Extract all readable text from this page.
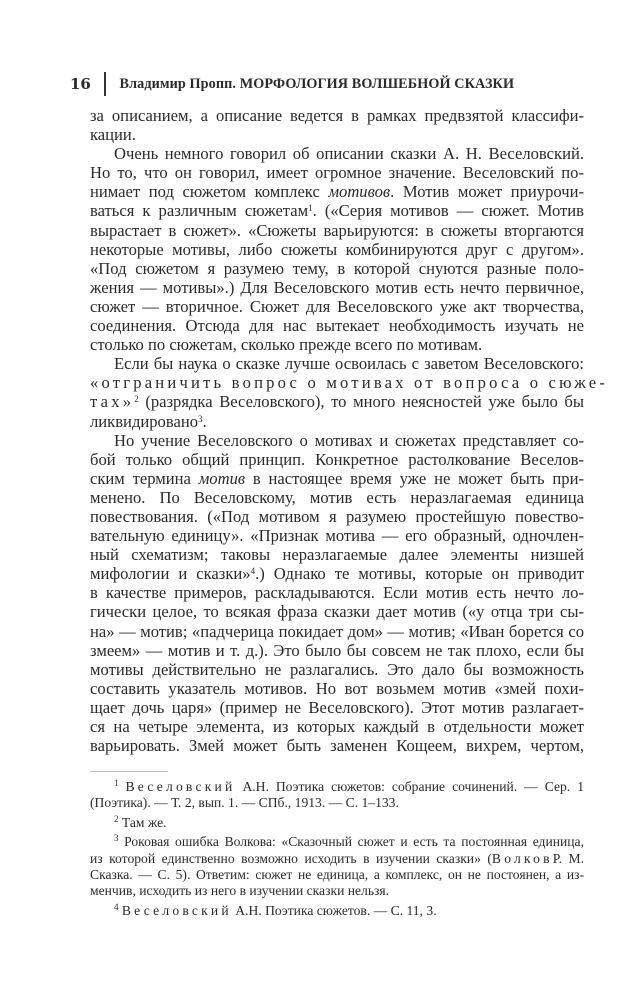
16	Владимир Пропп. МОРФОЛОГИЯ ВОЛШЕБНОЙ СКАЗКИ
за описанием, а описание ведется в рамках предвзятой классифи-
кации.
Очень немного говорил об описании сказки А. Н. Веселовский.
Но то, что он говорил, имеет огромное значение. Веселовский по-
нимает под сюжетом комплекс мотивов. Мотив может приурочи-
ваться к различным сюжетам$^1$. («Серия мотивов — сюжет. Мотив
вырастает в сюжет». «Сюжеты варьируются: в сюжеты вторгаются
некоторые мотивы, либо сюжеты комбинируются друг с другом».
«Под сюжетом я разумею тему, в которой снуются разные поло-
жения — мотивы».) Для Веселовского мотив есть нечто первичное,
сюжет — вторичное. Сюжет для Веселовского уже акт творчества,
соединения. Отсюда для нас вытекает необходимость изучать не
столько по сюжетам, сколько прежде всего по мотивам.
Если бы наука о сказке лучше освоилась с заветом Веселовского:
«отграничить вопрос о мотивах от вопроса о сюже-
тах»$^2$ (разрядка Веселовского), то много неясностей уже было бы
ликвидировано$^3$.
Но учение Веселовского о мотивах и сюжетах представляет со-
бой только общий принцип. Конкретное растолкование Веселов-
ским термина мотив в настоящее время уже не может быть при-
менено. По Веселовскому, мотив есть неразлагаемая единица
повествования. («Под мотивом я разумею простейшую повество-
вательную единицу». «Признак мотива — его образный, одночлен-
ный схематизм; таковы неразлагаемые далее элементы низшей
мифологии и сказки»$^4$.) Однако те мотивы, которые он приводит
в качестве примеров, раскладываются. Если мотив есть нечто ло-
гически целое, то всякая фраза сказки дает мотив («у отца три сы-
на» — мотив; «падчерица покидает дом» — мотив; «Иван борется со
змеем» — мотив и т. д.). Это было бы совсем не так плохо, если бы
мотивы действительно не разлагались. Это дало бы возможность
составить указатель мотивов. Но вот возьмем мотив «змей похи-
щает дочь царя» (пример не Веселовского). Этот мотив разлагает-
ся на четыре элемента, из которых каждый в отдельности может
варьировать. Змей может быть заменен Кощеем, вихрем, чертом,
$^1$ Веселовский А.Н. Поэтика сюжетов: собрание сочинений. — Сер. 1
(Поэтика). — Т. 2, вып. 1. — СПб., 1913. — С. 1–133.
$^2$ Там же.
$^3$ Роковая ошибка Волкова: «Сказочный сюжет и есть та постоянная единица,
из которой единственно возможно исходить в изучении сказки» (ВолковР. М.
Сказка. — С. 5). Ответим: сюжет не единица, а комплекс, он не постоянен, а из-
менчив, исходить из него в изучении сказки нельзя.
$^4$ Веселовский А.Н. Поэтика сюжетов. — С. 11, 3.
